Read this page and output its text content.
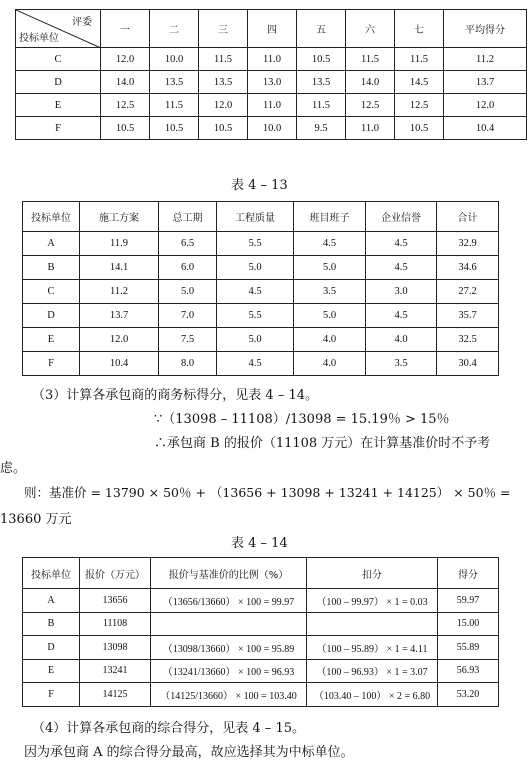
评委
投标单位	一	二	三	四	五	六	七	平均得分
C	12.0	10.0	11.5	11.0	10.5	11.5	11.5	11.2
D	14.0	13.5	13.5	13.0	13.5	14.0	14.5	13.7
E	12.5	11.5	12.0	11.0	11.5	12.5	12.5	12.0
F	10.5	10.5	10.5	10.0	9.5	11.0	10.5	10.4
表 4 – 13
投标单位	施工方案	总工期	工程质量	班目班子	企业信誉	合计
A	11.9	6.5	5.5	4.5	4.5	32.9
B	14.1	6.0	5.0	5.0	4.5	34.6
C	11.2	5.0	4.5	3.5	3.0	27.2
D	13.7	7.0	5.5	5.0	4.5	35.7
E	12.0	7.5	5.0	4.0	4.0	32.5
F	10.4	8.0	4.5	4.0	3.5	30.4
（3）计算各承包商的商务标得分，见表 4 – 14。
∵（13098 – 11108）/13098 = 15.19％ > 15％
∴承包商 B 的报价（11108 万元）在计算基准价时不予考
虑。
则：基准价 = 13790 × 50％ + （13656 + 13098 + 13241 + 14125） × 50％ =
13660 万元
表 4 – 14
投标单位	报价（万元）	报价与基准价的比例（%）	扣分	得分
A	13656	（13656/13660） × 100 = 99.97	（100 – 99.97） × 1 = 0.03	59.97
B	11108			15.00
D	13098	（13098/13660） × 100 = 95.89	（100 – 95.89） × 1 = 4.11	55.89
E	13241	（13241/13660） × 100 = 96.93	（100 – 96.93） × 1 = 3.07	56.93
F	14125	（14125/13660） × 100 = 103.40	（103.40 – 100） × 2 = 6.80	53.20
（4）计算各承包商的综合得分，见表 4 – 15。
因为承包商 A 的综合得分最高，故应选择其为中标单位。
